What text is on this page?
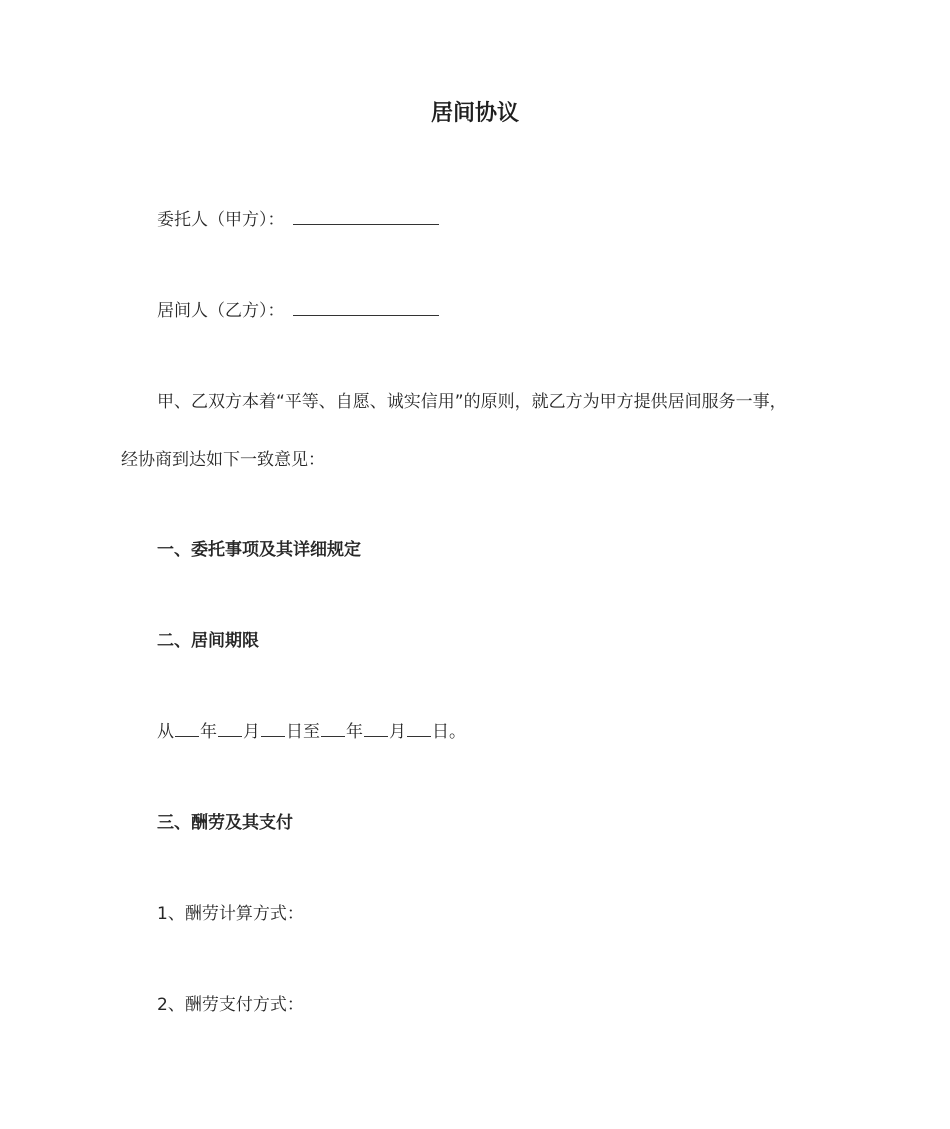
居间协议
委托人（甲方）：
居间人（乙方）：
甲、乙双方本着“平等、自愿、诚实信用”的原则，就乙方为甲方提供居间服务一事，
经协商到达如下一致意见：
一、委托事项及其详细规定
二、居间期限
从 年 月 日至 年 月 日。
三、酬劳及其支付
1、酬劳计算方式：
2、酬劳支付方式：
